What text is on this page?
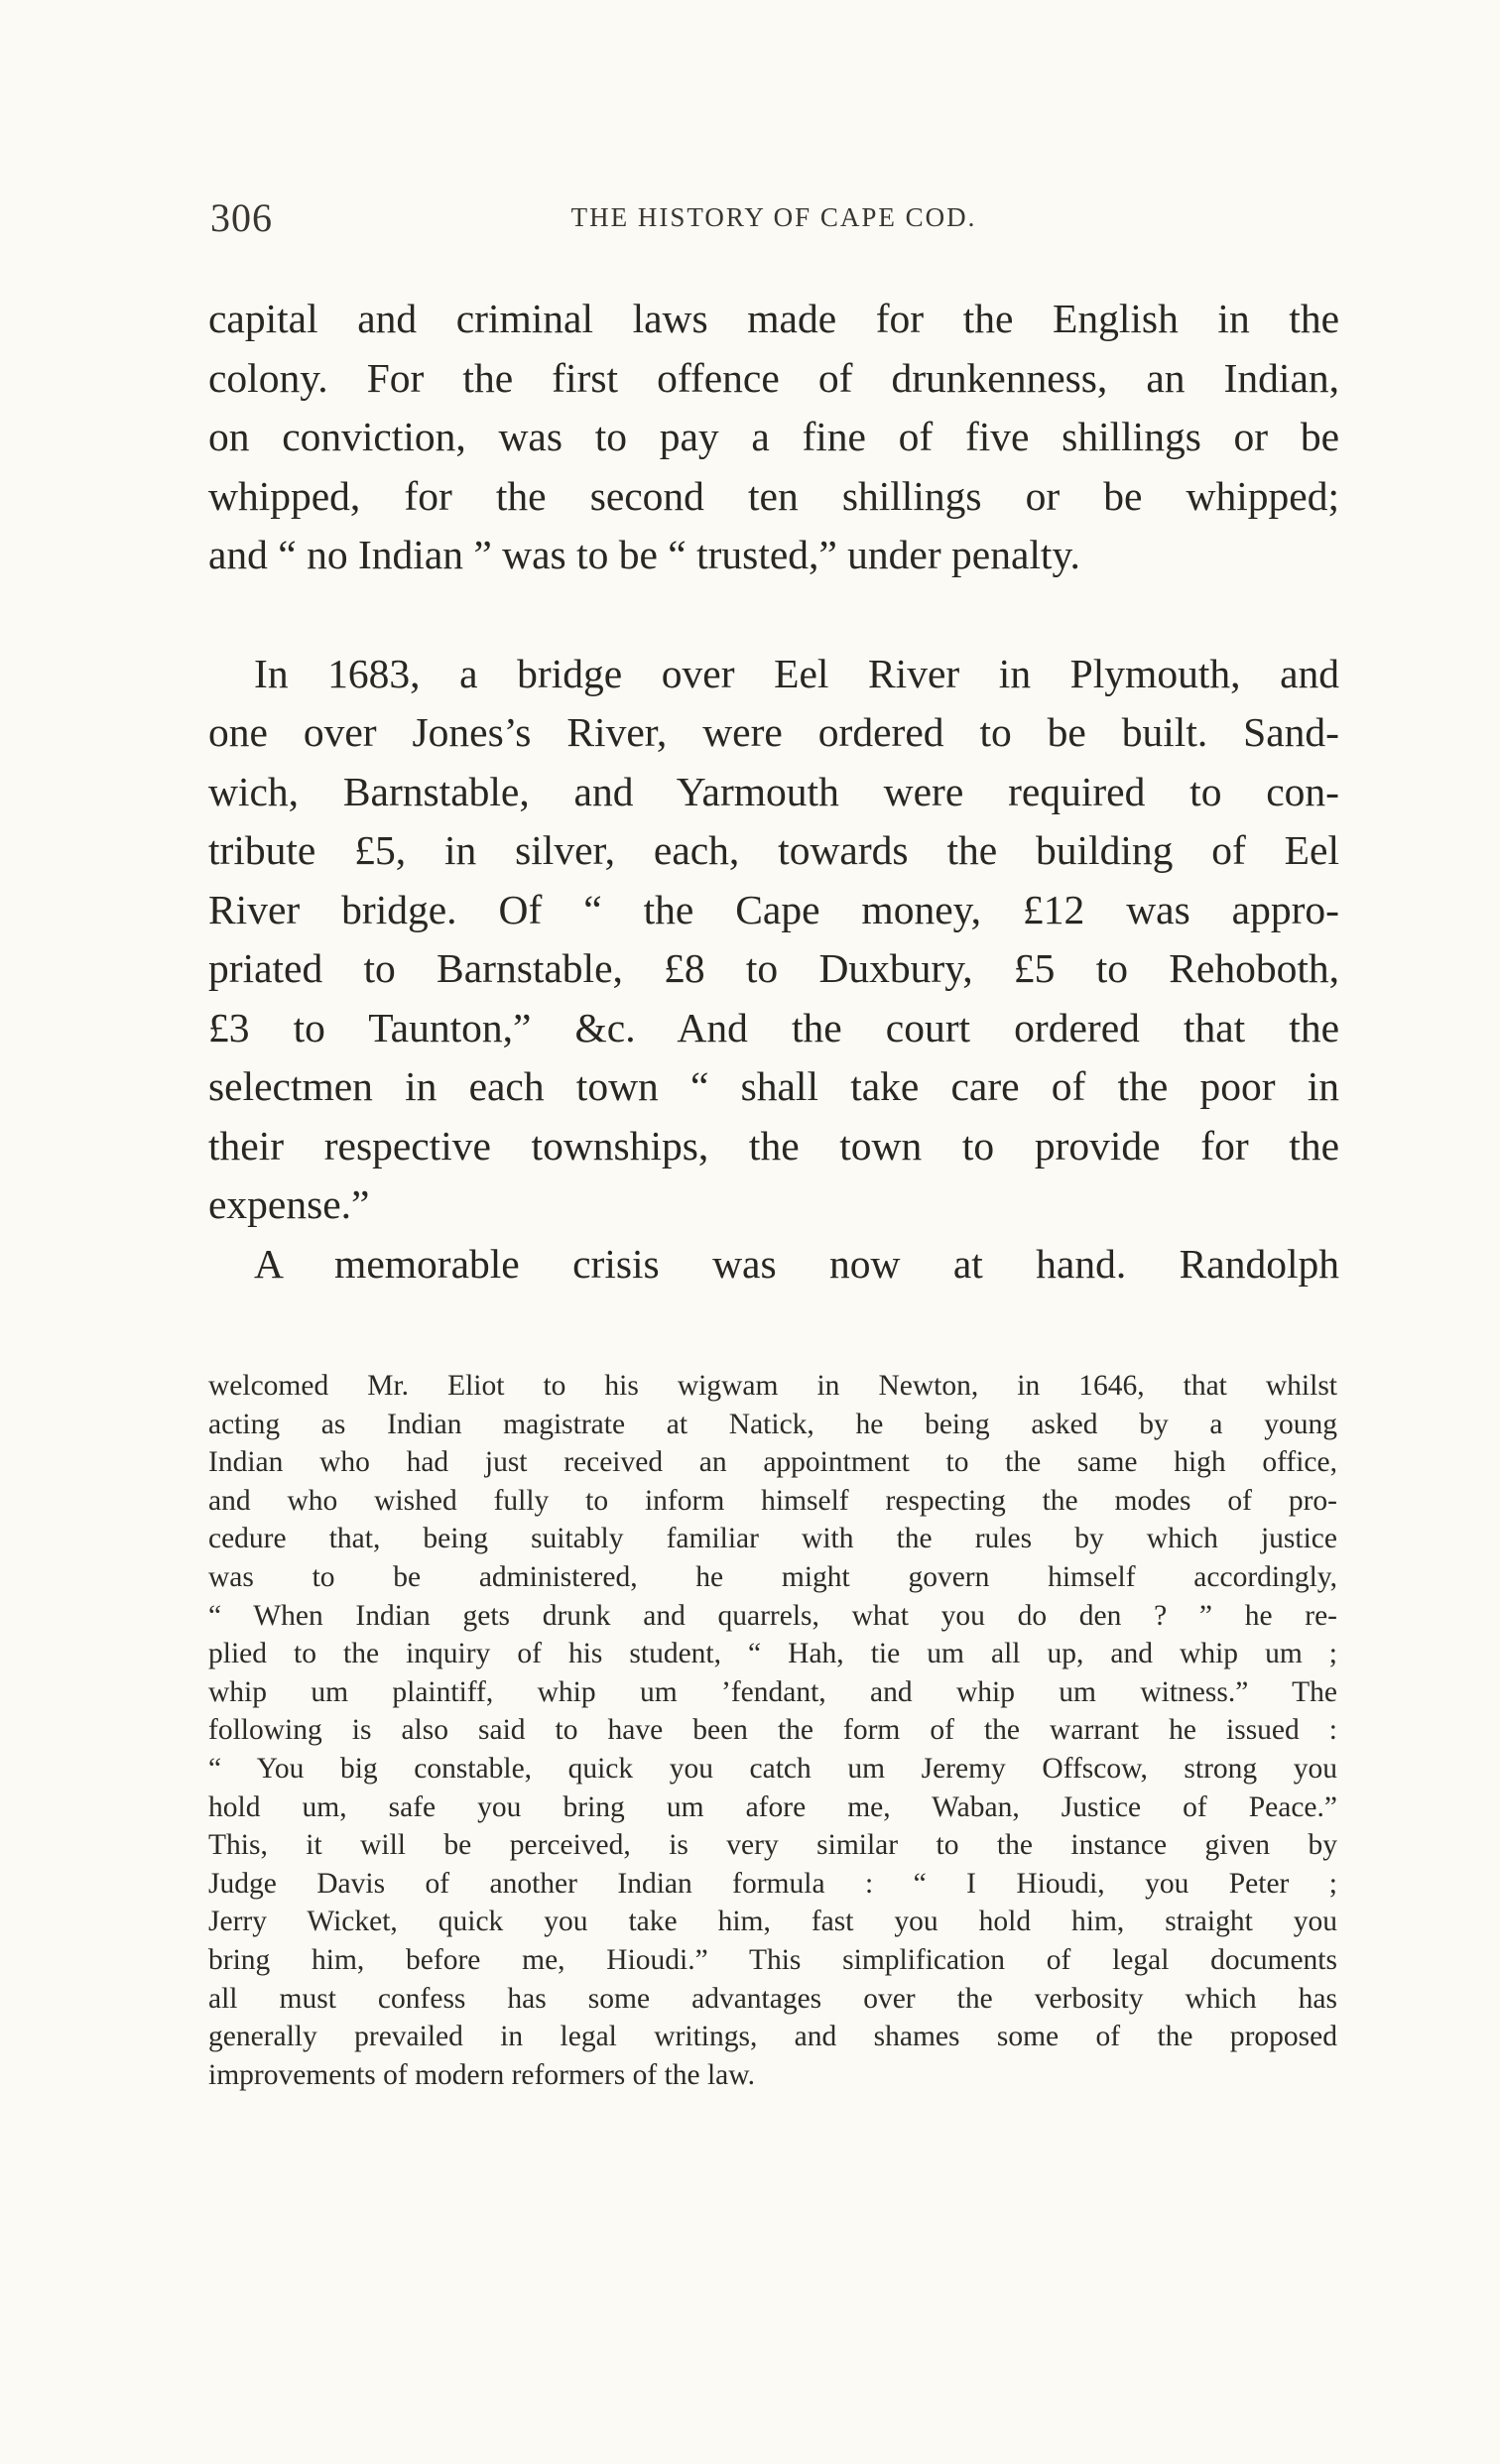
306	THE HISTORY OF CAPE COD.

capital and criminal laws made for the English in the
colony. For the first offence of drunkenness, an Indian,
on conviction, was to pay a fine of five shillings or be
whipped, for the second ten shillings or be whipped;
and “ no Indian ” was to be “ trusted,” under penalty.

In 1683, a bridge over Eel River in Plymouth, and
one over Jones’s River, were ordered to be built. Sand-
wich, Barnstable, and Yarmouth were required to con-
tribute £5, in silver, each, towards the building of Eel
River bridge. Of “ the Cape money, £12 was appro-
priated to Barnstable, £8 to Duxbury, £5 to Rehoboth,
£3 to Taunton,” &c. And the court ordered that the
selectmen in each town “ shall take care of the poor in
their respective townships, the town to provide for the
expense.”

A memorable crisis was now at hand. Randolph

welcomed Mr. Eliot to his wigwam in Newton, in 1646, that whilst
acting as Indian magistrate at Natick, he being asked by a young
Indian who had just received an appointment to the same high office,
and who wished fully to inform himself respecting the modes of pro-
cedure that, being suitably familiar with the rules by which justice
was to be administered, he might govern himself accordingly,
“ When Indian gets drunk and quarrels, what you do den ? ” he re-
plied to the inquiry of his student, “ Hah, tie um all up, and whip um ;
whip um plaintiff, whip um ’fendant, and whip um witness.” The
following is also said to have been the form of the warrant he issued :
“ You big constable, quick you catch um Jeremy Offscow, strong you
hold um, safe you bring um afore me, Waban, Justice of Peace.”
This, it will be perceived, is very similar to the instance given by
Judge Davis of another Indian formula : “ I Hioudi, you Peter ;
Jerry Wicket, quick you take him, fast you hold him, straight you
bring him, before me, Hioudi.” This simplification of legal documents
all must confess has some advantages over the verbosity which has
generally prevailed in legal writings, and shames some of the proposed
improvements of modern reformers of the law.
